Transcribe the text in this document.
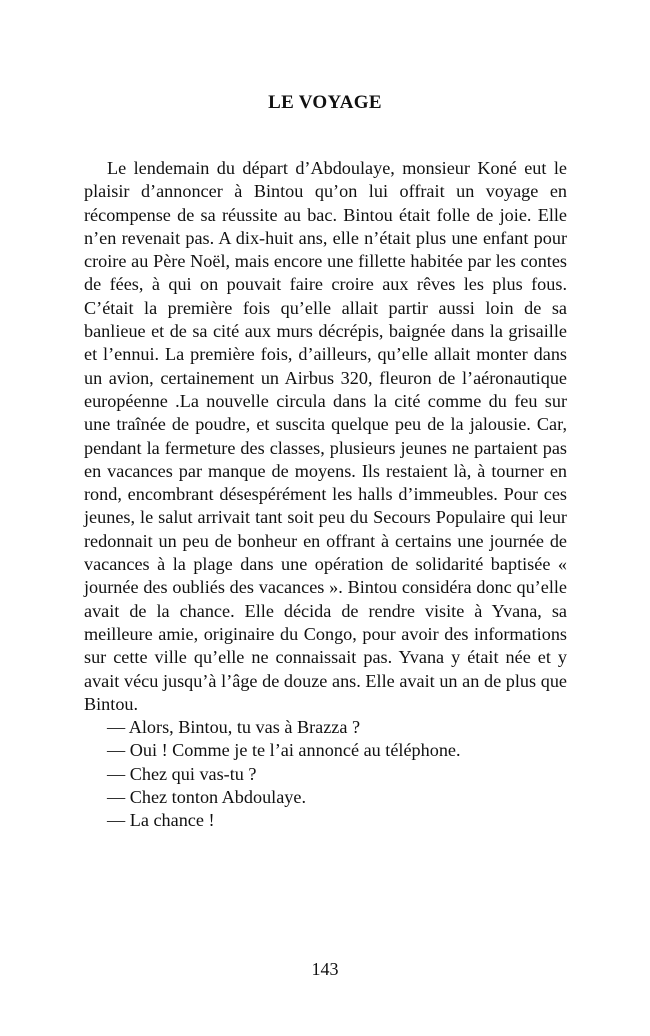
LE VOYAGE

Le lendemain du départ d’Abdoulaye, monsieur Koné eut le plaisir d’annoncer à Bintou qu’on lui offrait un voyage en récompense de sa réussite au bac. Bintou était folle de joie. Elle n’en revenait pas. A dix-huit ans, elle n’était plus une enfant pour croire au Père Noël, mais encore une fillette habitée par les contes de fées, à qui on pouvait faire croire aux rêves les plus fous. C’était la première fois qu’elle allait partir aussi loin de sa banlieue et de sa cité aux murs décrépis, baignée dans la grisaille et l’ennui. La première fois, d’ailleurs, qu’elle allait monter dans un avion, certainement un Airbus 320, fleuron de l’aéronautique européenne .La nouvelle circula dans la cité comme du feu sur une traînée de poudre, et suscita quelque peu de la jalousie. Car, pendant la fermeture des classes, plusieurs jeunes ne partaient pas en vacances par manque de moyens. Ils restaient là, à tourner en rond, encombrant désespérément les halls d’immeubles. Pour ces jeunes, le salut arrivait tant soit peu du Secours Populaire qui leur redonnait un peu de bonheur en offrant à certains une journée de vacances à la plage dans une opération de solidarité baptisée « journée des oubliés des vacances ». Bintou considéra donc qu’elle avait de la chance. Elle décida de rendre visite à Yvana, sa meilleure amie, originaire du Congo, pour avoir des informations sur cette ville qu’elle ne connaissait pas. Yvana y était née et y avait vécu jusqu’à l’âge de douze ans. Elle avait un an de plus que Bintou.

— Alors, Bintou, tu vas à Brazza ?
— Oui ! Comme je te l’ai annoncé au téléphone.
— Chez qui vas-tu ?
— Chez tonton Abdoulaye.
— La chance !
143
